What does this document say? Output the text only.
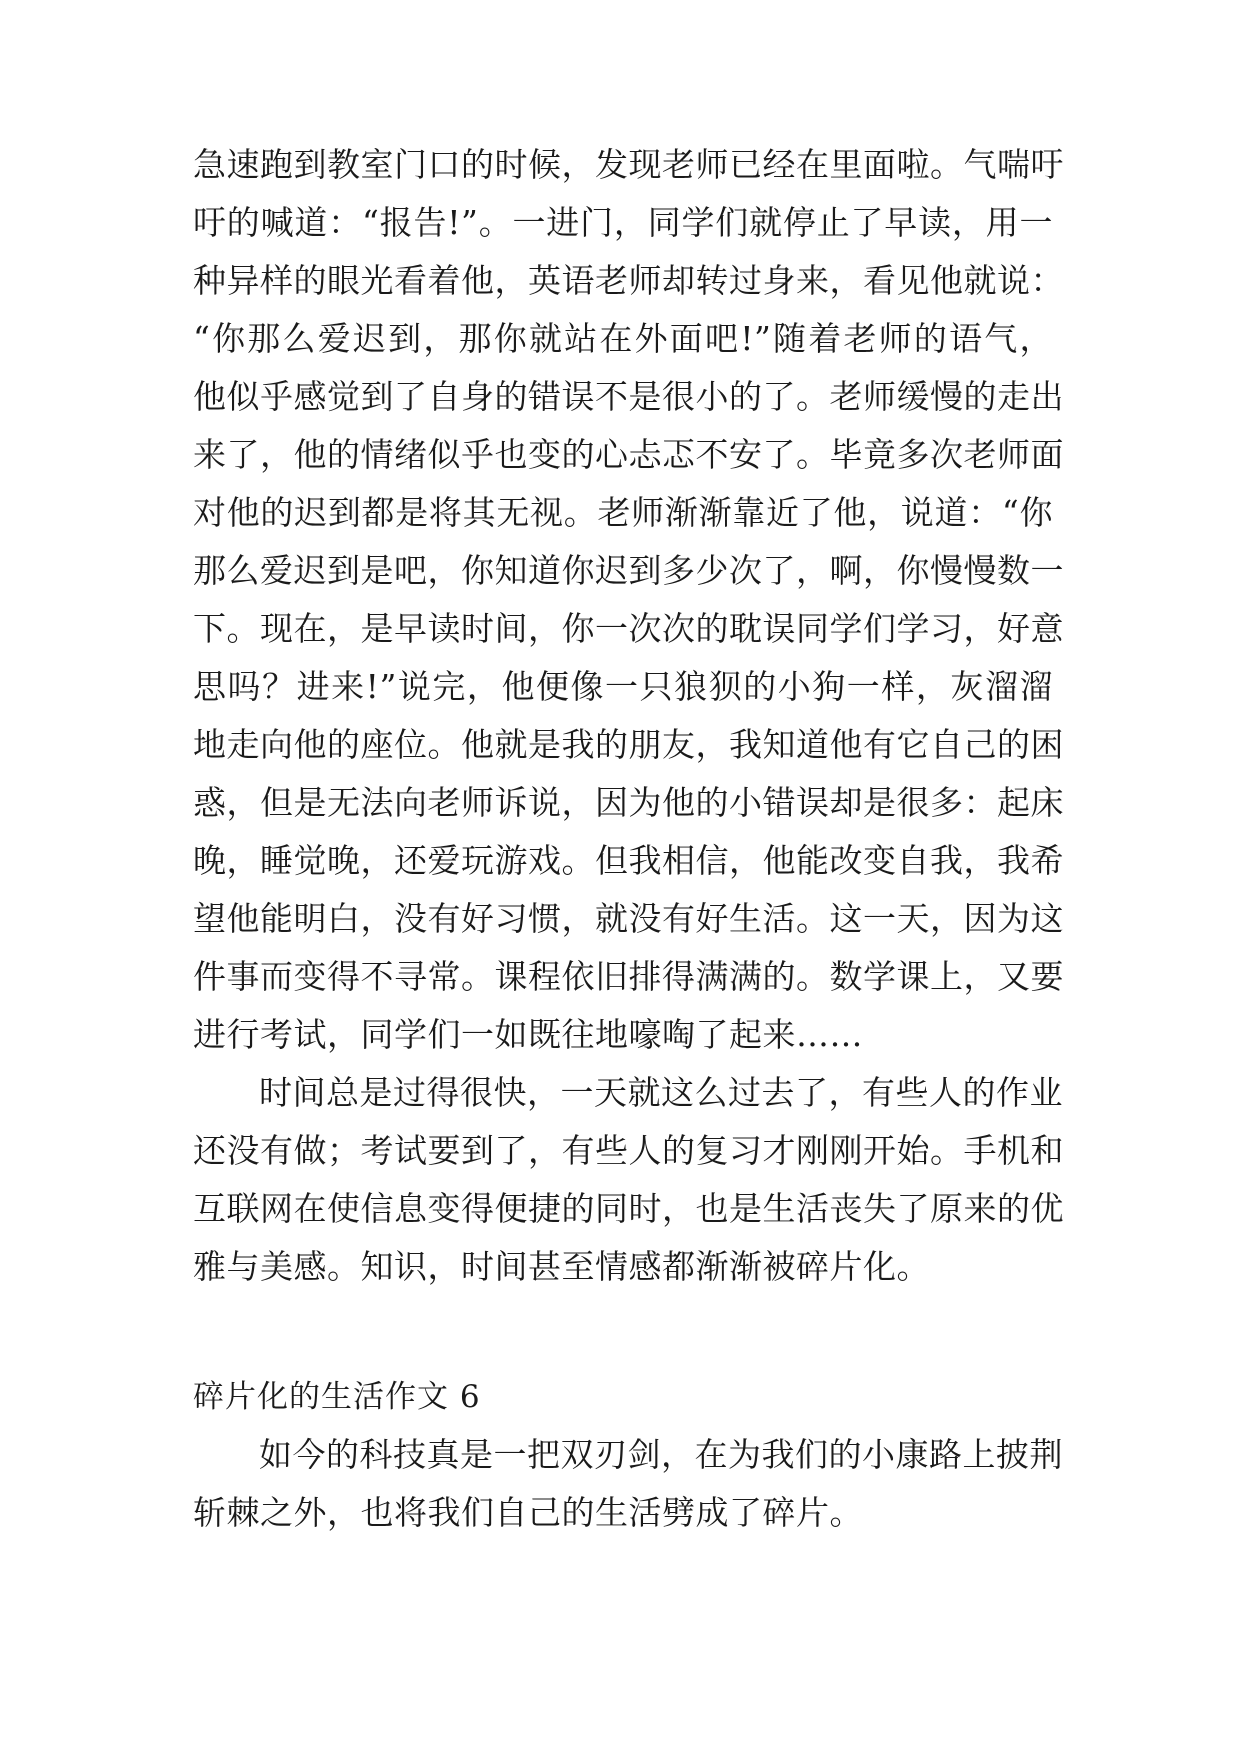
急速跑到教室门口的时候，发现老师已经在里面啦。气喘吁
吁的喊道：“报告!”。一进门，同学们就停止了早读，用一
种异样的眼光看着他，英语老师却转过身来，看见他就说：
“你那么爱迟到，那你就站在外面吧!”随着老师的语气，
他似乎感觉到了自身的错误不是很小的了。老师缓慢的走出
来了，他的情绪似乎也变的心忐忑不安了。毕竟多次老师面
对他的迟到都是将其无视。老师渐渐靠近了他，说道：“你
那么爱迟到是吧，你知道你迟到多少次了，啊，你慢慢数一
下。现在，是早读时间，你一次次的耽误同学们学习，好意
思吗？进来!”说完，他便像一只狼狈的小狗一样，灰溜溜
地走向他的座位。他就是我的朋友，我知道他有它自己的困
惑，但是无法向老师诉说，因为他的小错误却是很多：起床
晚，睡觉晚，还爱玩游戏。但我相信，他能改变自我，我希
望他能明白，没有好习惯，就没有好生活。这一天，因为这
件事而变得不寻常。课程依旧排得满满的。数学课上，又要
进行考试，同学们一如既往地嚎啕了起来……
时间总是过得很快，一天就这么过去了，有些人的作业
还没有做；考试要到了，有些人的复习才刚刚开始。手机和
互联网在使信息变得便捷的同时，也是生活丧失了原来的优
雅与美感。知识，时间甚至情感都渐渐被碎片化。
碎片化的生活作文 6
如今的科技真是一把双刃剑，在为我们的小康路上披荆
斩棘之外，也将我们自己的生活劈成了碎片。
